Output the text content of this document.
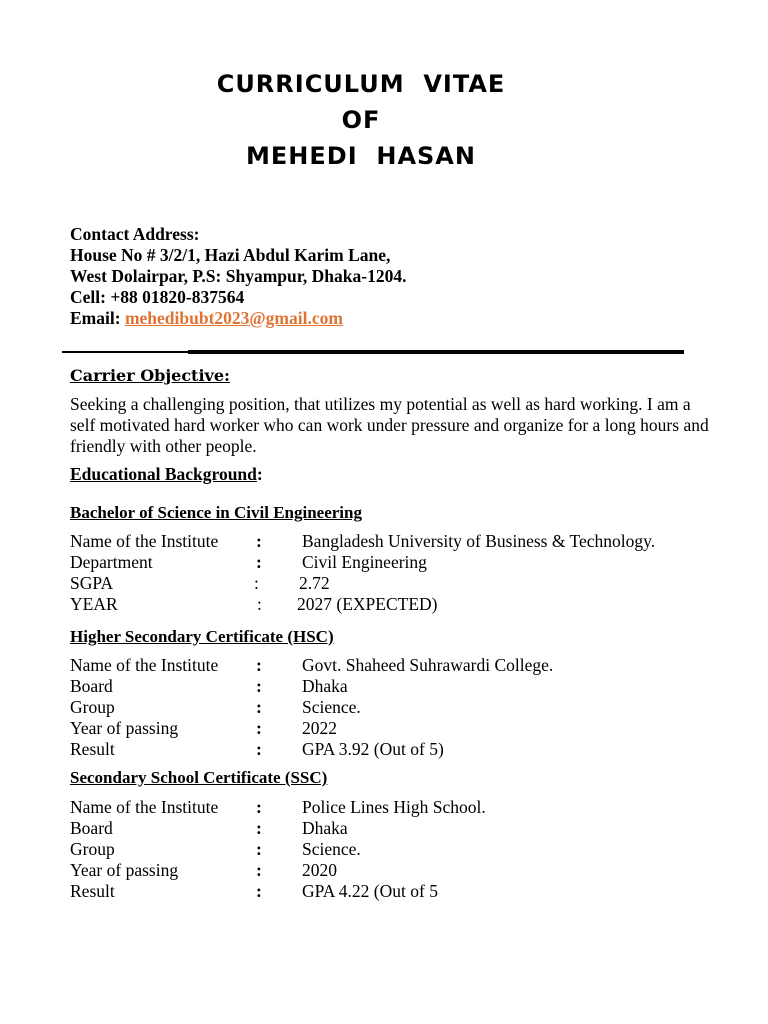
CURRICULUM  VITAE
OF
MEHEDI  HASAN
Contact Address:
House No # 3/2/1, Hazi Abdul Karim Lane,
West Dolairpar, P.S: Shyampur, Dhaka-1204.
Cell: +88 01820-837564
Email: mehedibubt2023@gmail.com
Carrier Objective:
Seeking a challenging position, that utilizes my potential as well as hard working. I am a self motivated hard worker who can work under pressure and organize for a long hours and friendly with other people.
Educational Background:
Bachelor of Science in Civil Engineering
Name of the Institute : Bangladesh University of Business & Technology.
Department	: Civil Engineering
SGPA	: 2.72
YEAR	: 2027 (EXPECTED)
Higher Secondary Certificate (HSC)
Name of the Institute : Govt. Shaheed Suhrawardi College.
Board	: Dhaka
Group	: Science.
Year of passing	: 2022
Result	: GPA 3.92 (Out of 5)
Secondary School Certificate (SSC)
Name of the Institute : Police Lines High School.
Board	: Dhaka
Group	: Science.
Year of passing	: 2020
Result	: GPA 4.22 (Out of 5
